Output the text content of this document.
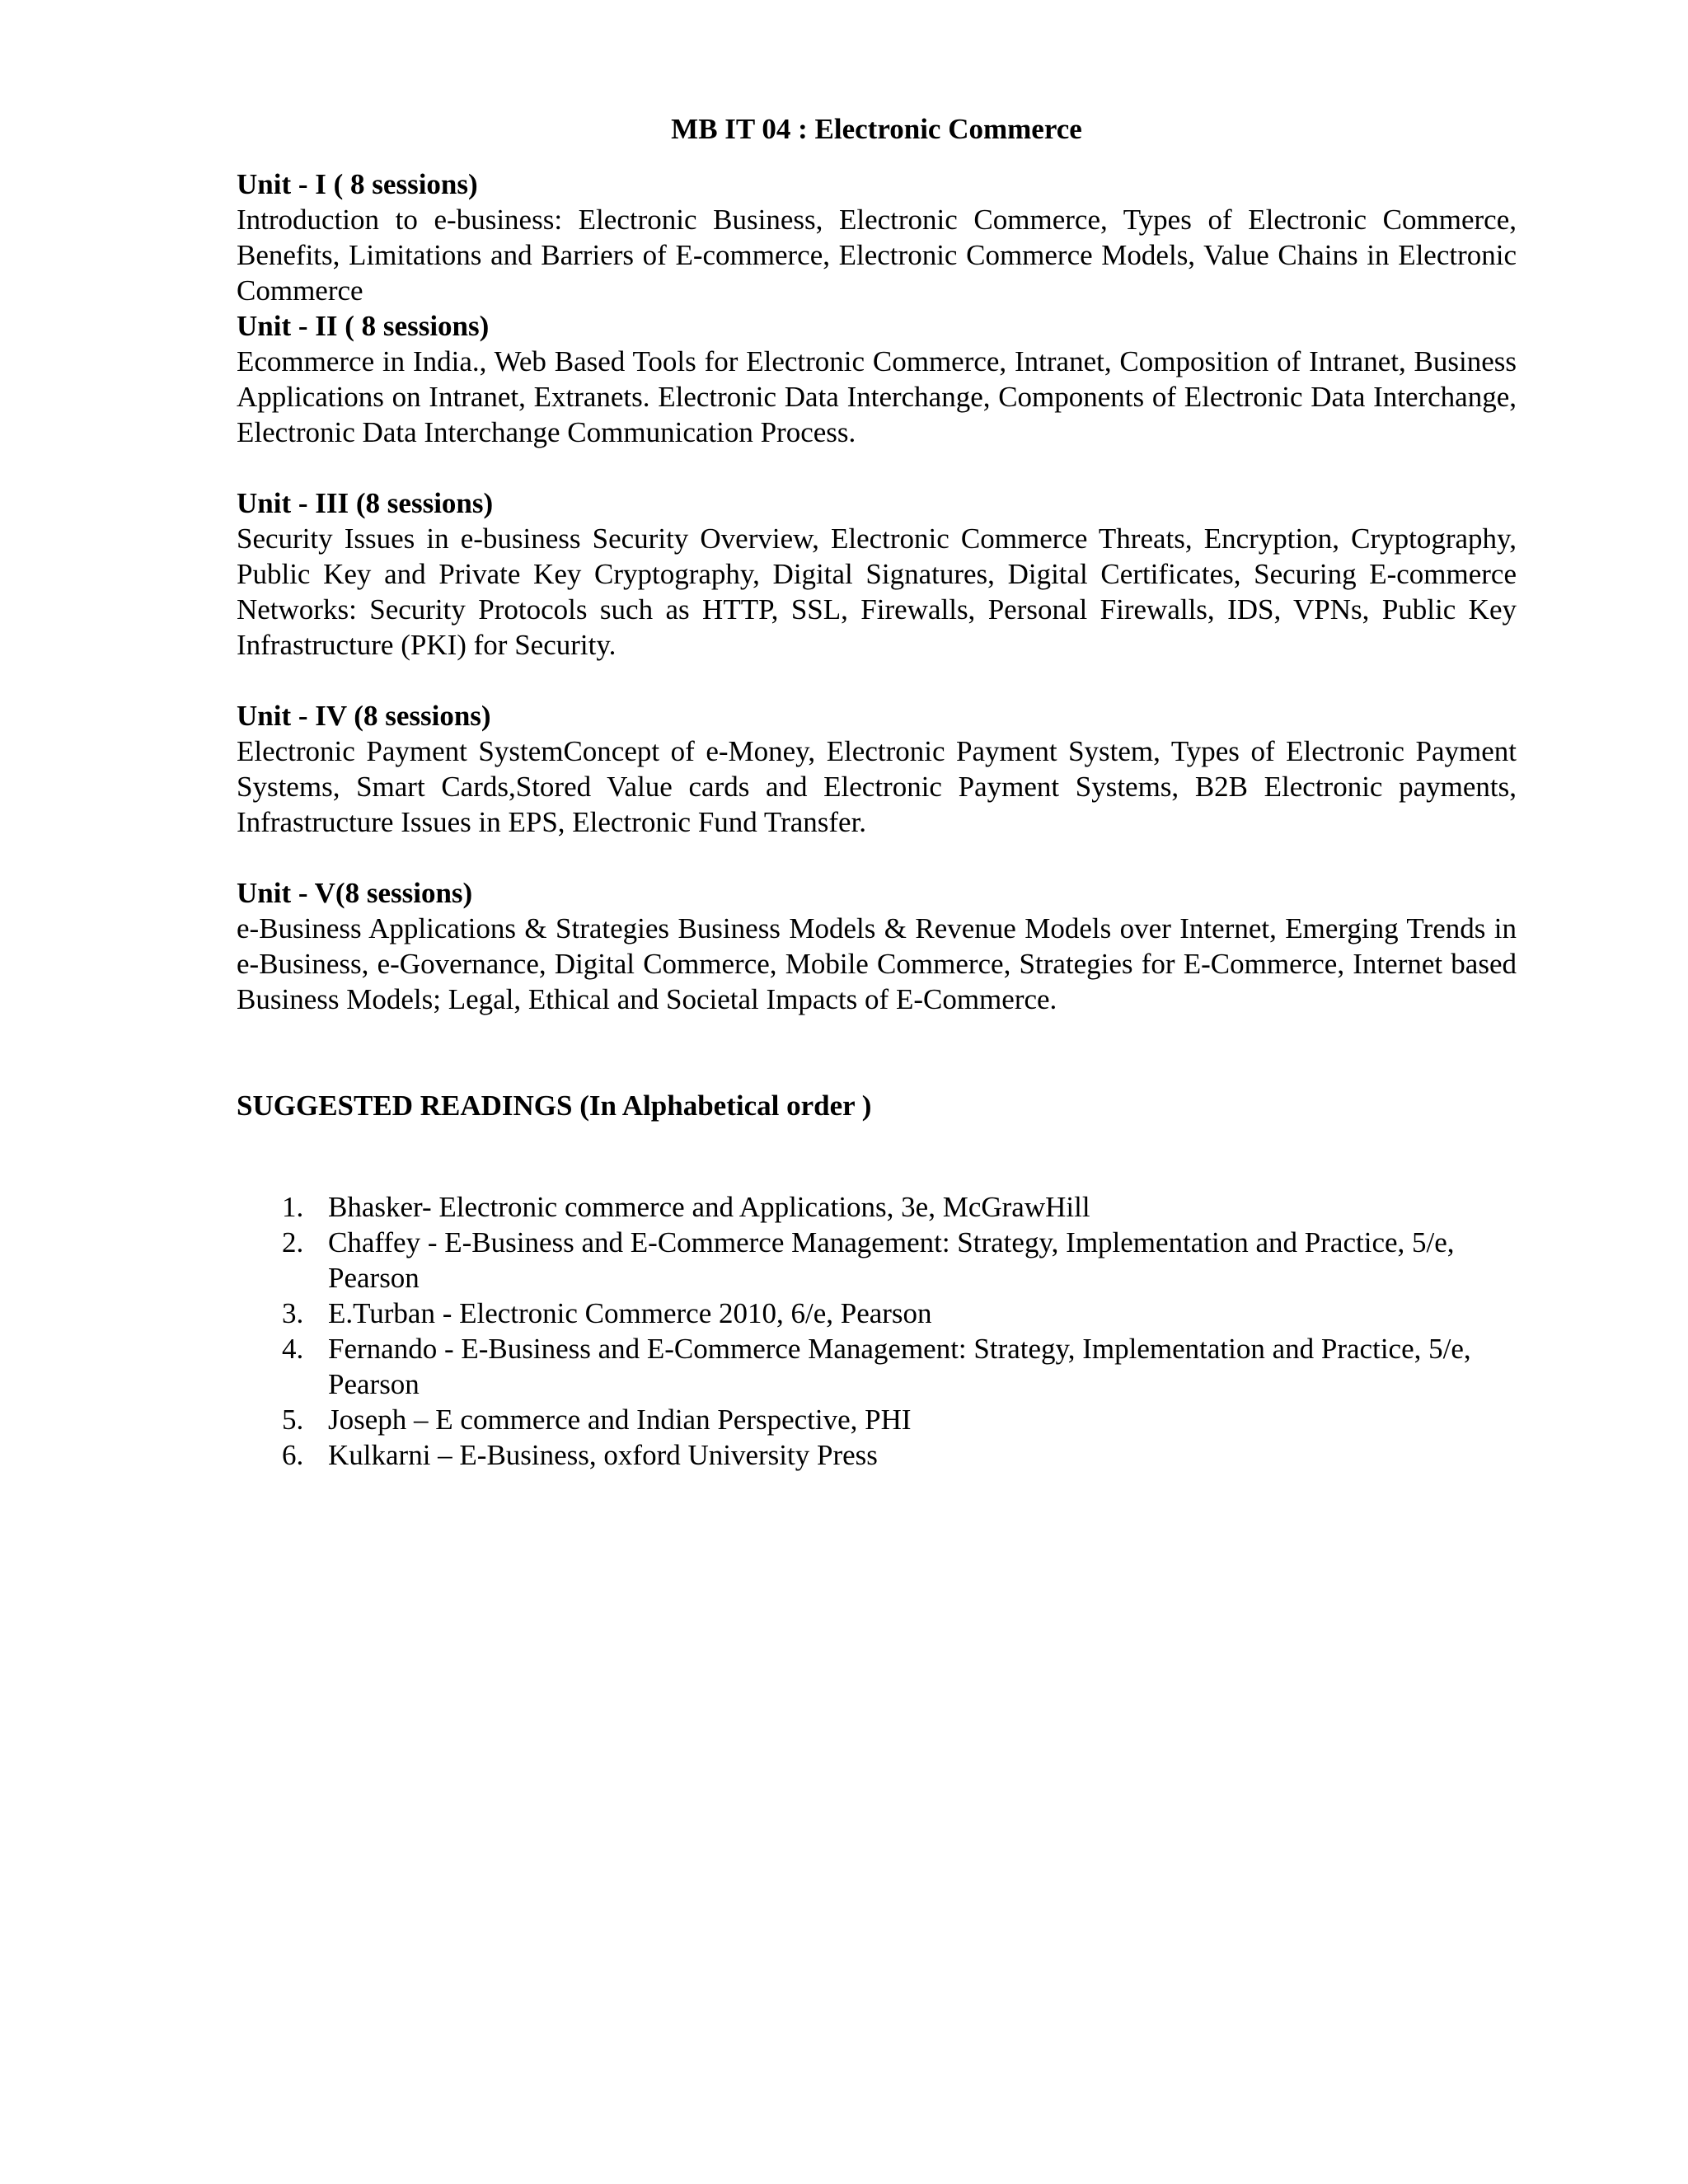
MB IT 04 : Electronic Commerce

Unit - I ( 8 sessions)

Introduction to e-business: Electronic Business, Electronic Commerce, Types of Electronic Commerce, Benefits, Limitations and Barriers of E-commerce, Electronic Commerce Models, Value Chains in Electronic Commerce

Unit - II ( 8 sessions)

Ecommerce in India., Web Based Tools for Electronic Commerce, Intranet, Composition of Intranet, Business Applications on Intranet, Extranets. Electronic Data Interchange, Components of Electronic Data Interchange, Electronic Data Interchange Communication Process.

Unit - III (8 sessions)

Security Issues in e-business Security Overview, Electronic Commerce Threats, Encryption, Cryptography, Public Key and Private Key Cryptography, Digital Signatures, Digital Certificates, Securing E-commerce Networks: Security Protocols such as HTTP, SSL, Firewalls, Personal Firewalls, IDS, VPNs, Public Key Infrastructure (PKI) for Security.

Unit - IV (8 sessions)

Electronic Payment SystemConcept of e-Money, Electronic Payment System, Types of Electronic Payment Systems, Smart Cards,Stored Value cards and Electronic Payment Systems, B2B Electronic payments, Infrastructure Issues in EPS, Electronic Fund Transfer.

Unit - V(8 sessions)

e-Business Applications & Strategies Business Models & Revenue Models over Internet, Emerging Trends in e-Business, e-Governance, Digital Commerce, Mobile Commerce, Strategies for E-Commerce, Internet based Business Models; Legal, Ethical and Societal Impacts of E-Commerce.

SUGGESTED READINGS (In Alphabetical order )
1. Bhasker- Electronic commerce and Applications, 3e, McGrawHill
2. Chaffey - E-Business and E-Commerce Management: Strategy, Implementation and Practice, 5/e, Pearson
3. E.Turban - Electronic Commerce 2010, 6/e, Pearson
4. Fernando - E-Business and E-Commerce Management: Strategy, Implementation and Practice, 5/e, Pearson
5. Joseph – E commerce and Indian Perspective, PHI
6. Kulkarni – E-Business, oxford University Press
